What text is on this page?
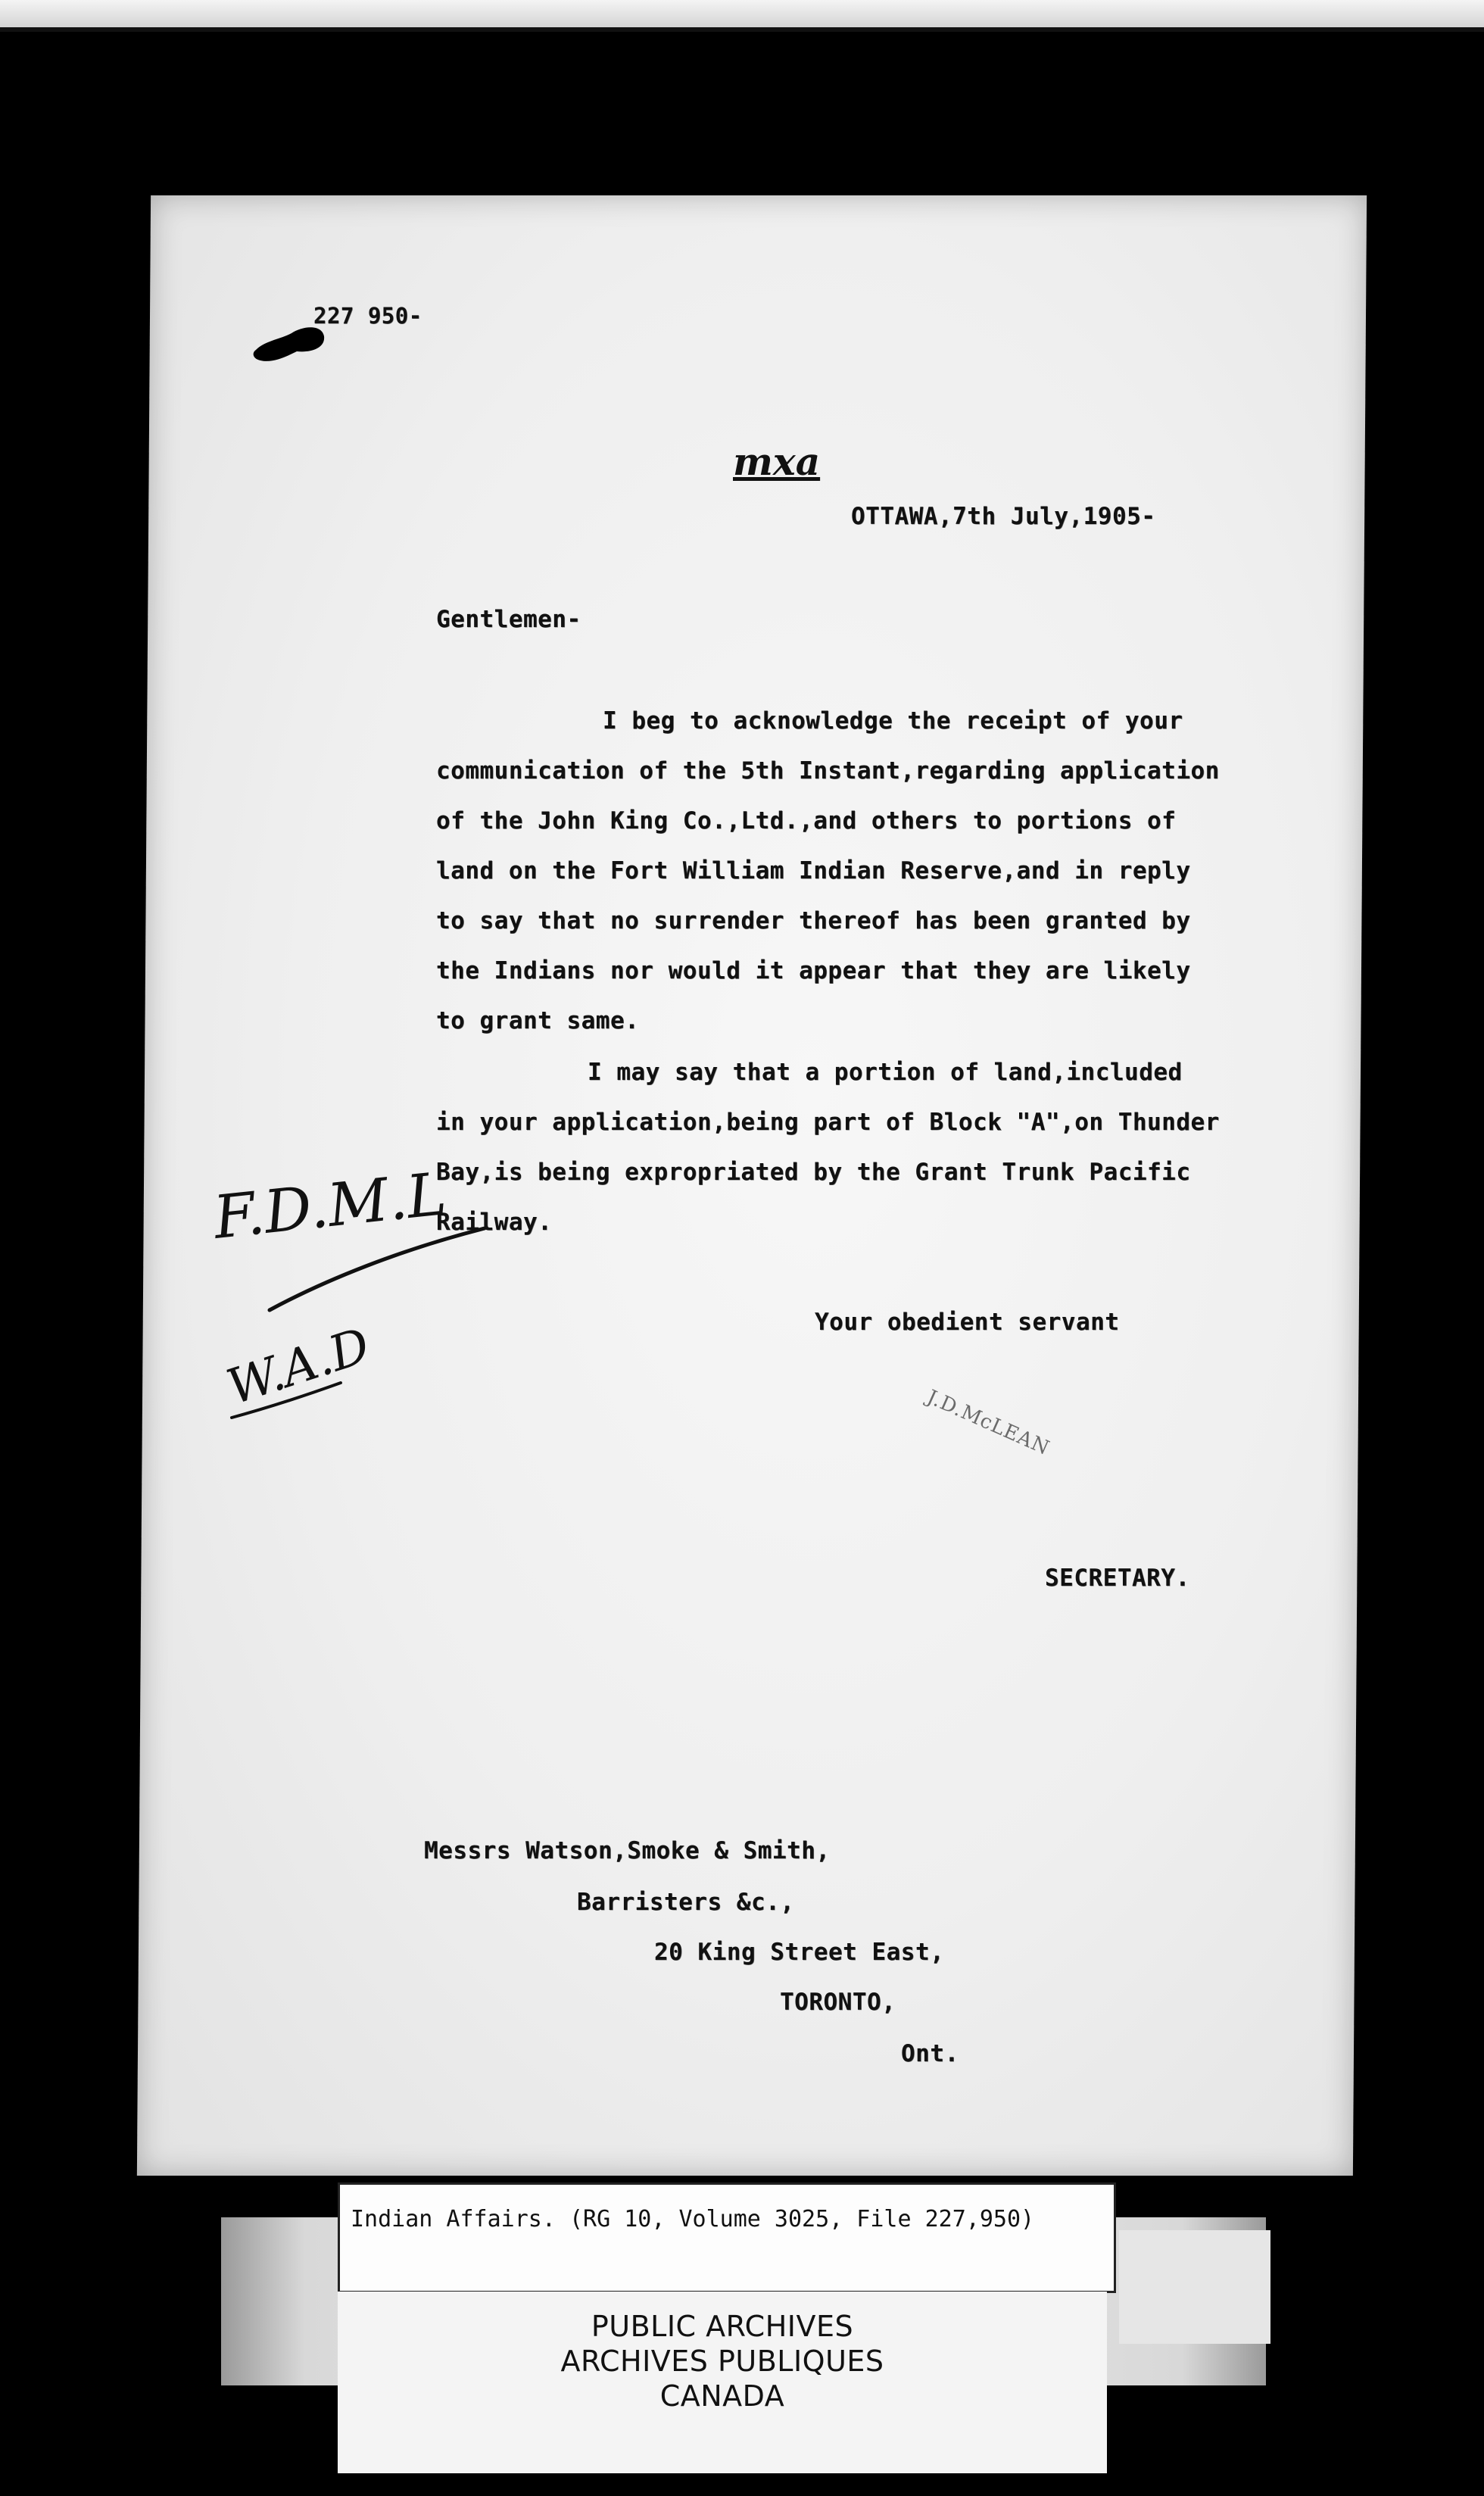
227 950-
mxa
OTTAWA,7th July,1905-
Gentlemen-
I beg to acknowledge the receipt of your
communication of the 5th Instant,regarding application
of the John King Co.,Ltd.,and others to portions of
land on the Fort William Indian Reserve,and in reply
to say that no surrender thereof has been granted by
the Indians nor would it appear that they are likely
to grant same.
I may say that a portion of land,included
in your application,being part of Block "A",on Thunder
Bay,is being expropriated by the Grant Trunk Pacific
Railway.
F.D.M.L
W.A.D	Your obedient servant
J.D.McLEAN
SECRETARY.
Messrs Watson,Smoke & Smith,
Barristers &c.,
20 King Street East,
TORONTO,
Ont.
Indian Affairs. (RG 10, Volume 3025, File 227,950)
PUBLIC ARCHIVES
ARCHIVES PUBLIQUES
CANADA
